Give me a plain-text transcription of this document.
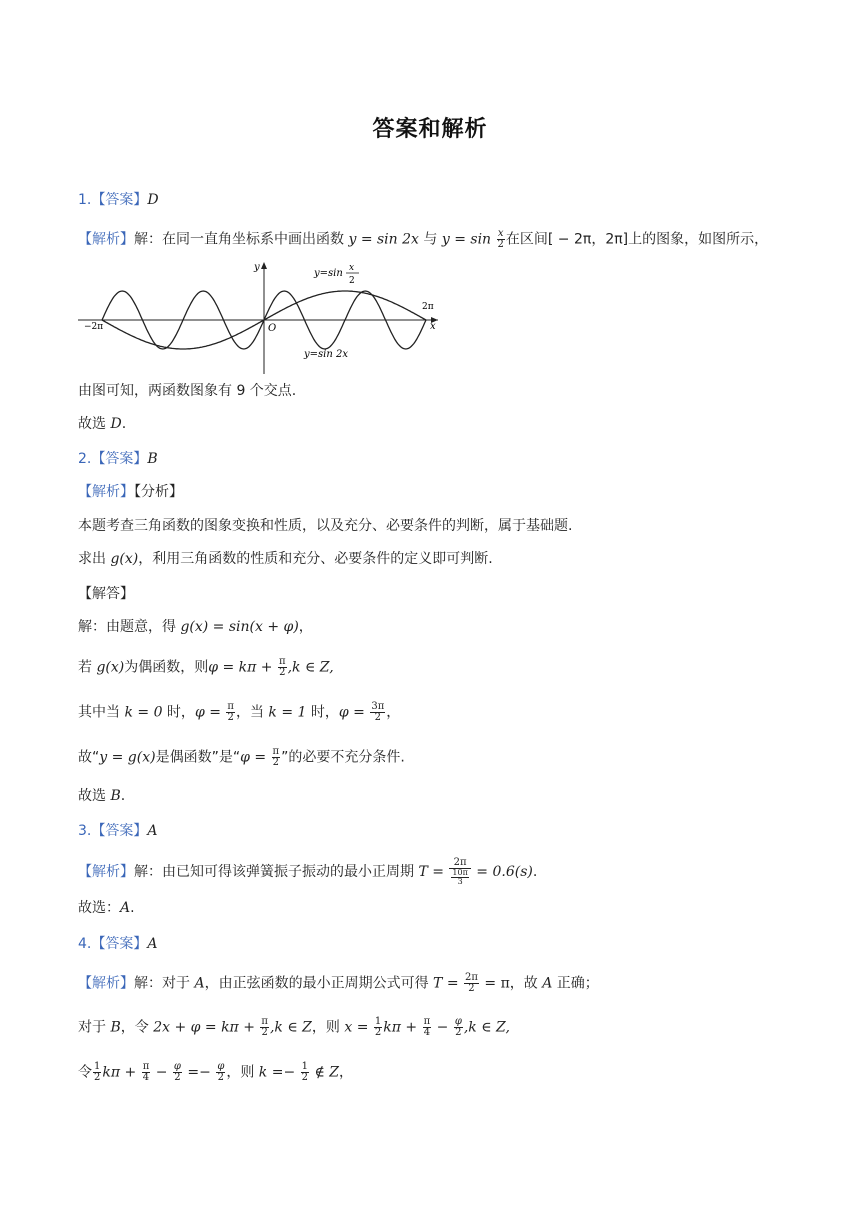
答案和解析
1.【答案】D
【解析】解：在同一直角坐标系中画出函数 y = sin 2x 与 $y = \sin \frac{x}{2}$ 在区间[ − 2π，2π]上的图象，如图所示，
y
x
O
−2π
2π
y=sin x
2
y=sin 2x
由图可知，两函数图象有 9 个交点.
故选 D.
2.【答案】B
【解析】【分析】
本题考查三角函数的图象变换和性质，以及充分、必要条件的判断，属于基础题.
求出 g(x)，利用三角函数的性质和充分、必要条件的定义即可判断.
【解答】
解：由题意，得 g(x) = sin(x + φ)，
若 g(x)为偶函数，则$\varphi = k\pi + \frac{\pi}{2} ,k$ ∈ Z,
其中当 k = 0 时，$\varphi = \frac{\pi}{2}$ ，当 k = 1 时，$\varphi = \frac{3\pi}{2}$ ，
故“y = g(x)是偶函数”是“$\varphi = \frac{\pi}{2}$ ”的必要不充分条件.
故选 B.
3.【答案】A
【解析】解：由已知可得该弹簧振子振动的最小正周期 $T = \frac{2\pi}{\frac{10\pi}{3}} = 0.6(s)$.
故选：A.
4.【答案】A
【解析】解：对于 A，由正弦函数的最小正周期公式可得 $T = \frac{2\pi}{2} = \pi$，故 A 正确；
对于 B，令 $2x + \varphi = k\pi + \frac{\pi}{2} ,k$ ∈ Z，则 $x = \frac{1}{2}$ $k\pi + \frac{\pi}{4} - \frac{\varphi}{2} ,k$ ∈ Z,
令 $\frac{1}{2}$ $k\pi + \frac{\pi}{4} - \frac{\varphi}{2} =- \frac{\varphi}{2}$ ，则 $k =- \frac{1}{2}$ ∉ Z，
